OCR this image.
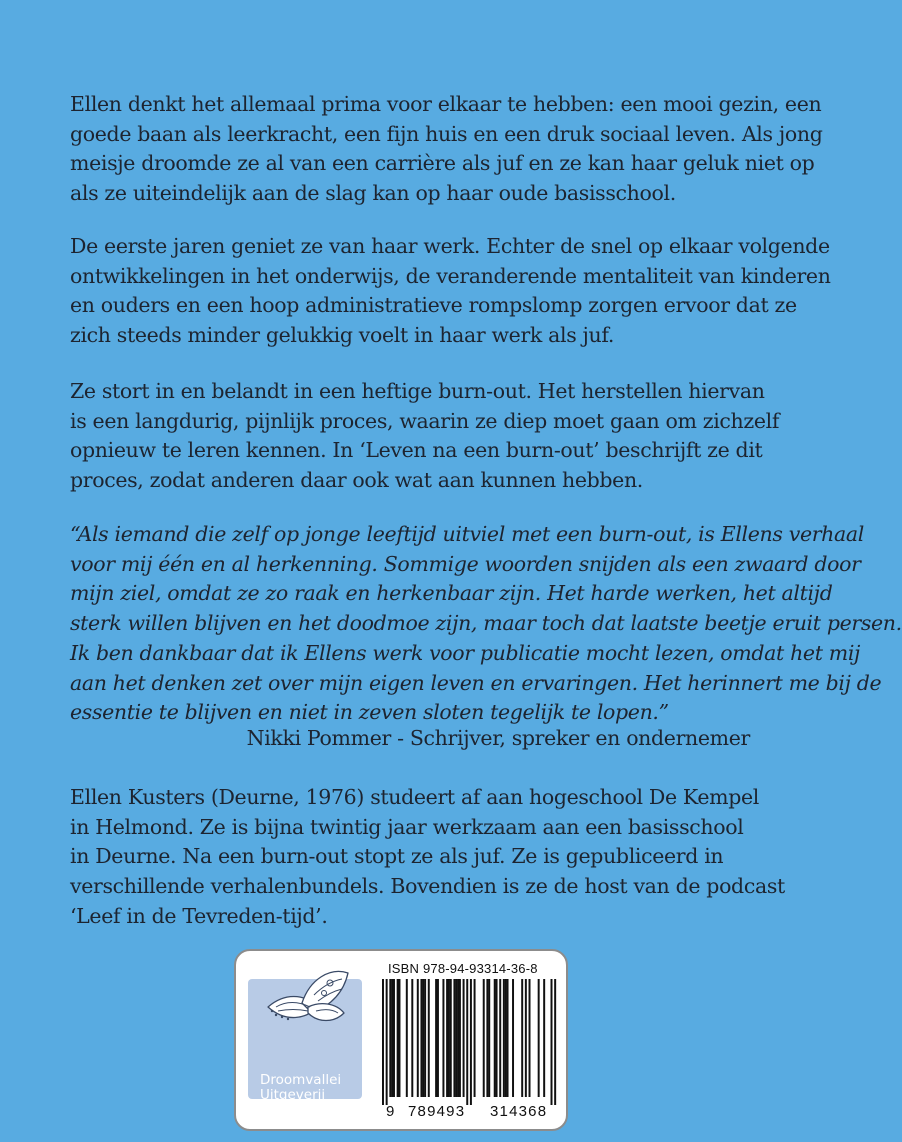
Ellen denkt het allemaal prima voor elkaar te hebben: een mooi gezin, een
goede baan als leerkracht, een fijn huis en een druk sociaal leven. Als jong
meisje droomde ze al van een carrière als juf en ze kan haar geluk niet op
als ze uiteindelijk aan de slag kan op haar oude basisschool.
De eerste jaren geniet ze van haar werk. Echter de snel op elkaar volgende
ontwikkelingen in het onderwijs, de veranderende mentaliteit van kinderen
en ouders en een hoop administratieve rompslomp zorgen ervoor dat ze
zich steeds minder gelukkig voelt in haar werk als juf.
Ze stort in en belandt in een heftige burn-out. Het herstellen hiervan
is een langdurig, pijnlijk proces, waarin ze diep moet gaan om zichzelf
opnieuw te leren kennen. In ‘Leven na een burn-out’ beschrijft ze dit
proces, zodat anderen daar ook wat aan kunnen hebben.
“Als iemand die zelf op jonge leeftijd uitviel met een burn-out, is Ellens verhaal
voor mij één en al herkenning. Sommige woorden snijden als een zwaard door
mijn ziel, omdat ze zo raak en herkenbaar zijn. Het harde werken, het altijd
sterk willen blijven en het doodmoe zijn, maar toch dat laatste beetje eruit persen.
Ik ben dankbaar dat ik Ellens werk voor publicatie mocht lezen, omdat het mij
aan het denken zet over mijn eigen leven en ervaringen. Het herinnert me bij de
essentie te blijven en niet in zeven sloten tegelijk te lopen.”
Nikki Pommer - Schrijver, spreker en ondernemer
Ellen Kusters (Deurne, 1976) studeert af aan hogeschool De Kempel
in Helmond. Ze is bijna twintig jaar werkzaam aan een basisschool
in Deurne. Na een burn-out stopt ze als juf. Ze is gepubliceerd in
verschillende verhalenbundels. Bovendien is ze de host van de podcast
‘Leef in de Tevreden-tijd’.
Droomvallei
Uitgeverij
ISBN 978-94-93314-36-8
9 789493 314368
